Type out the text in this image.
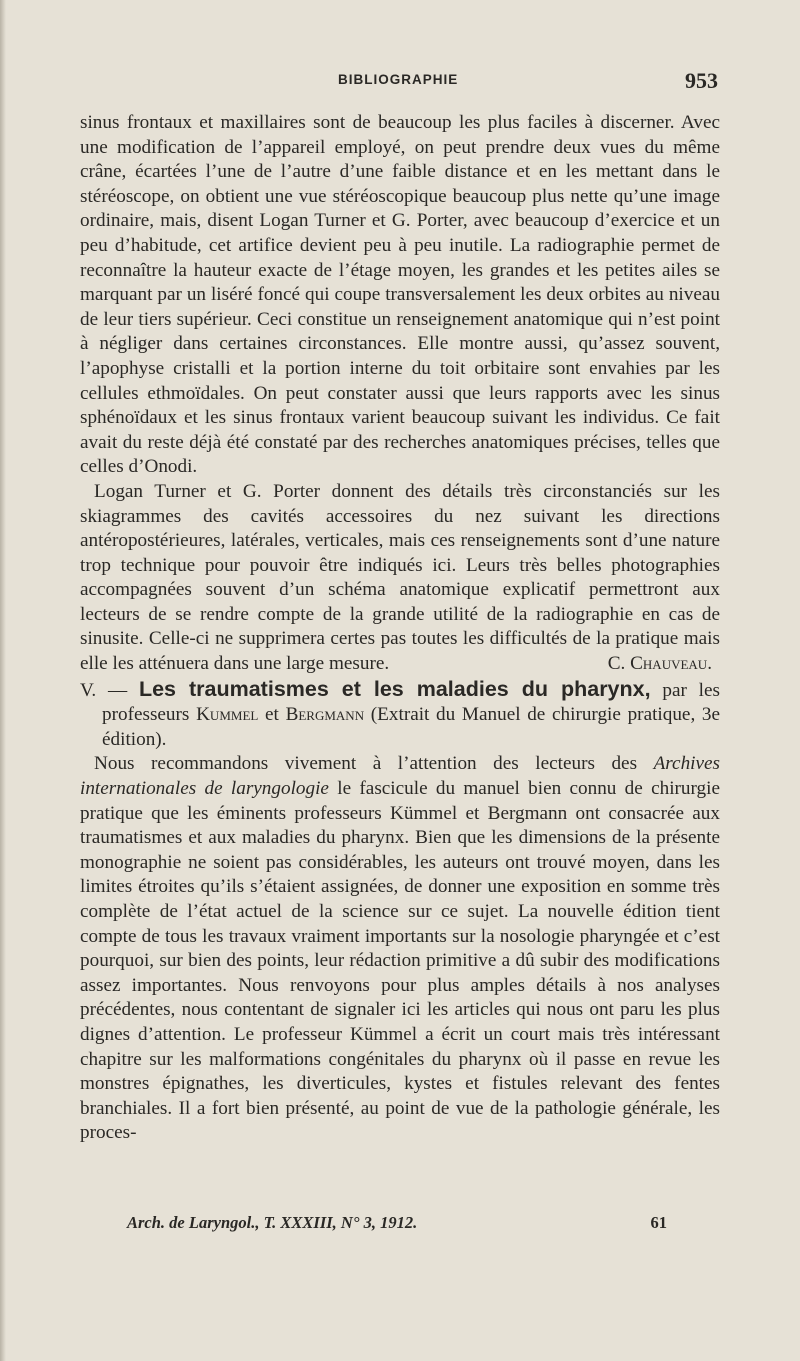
BIBLIOGRAPHIE	953

sinus frontaux et maxillaires sont de beaucoup les plus faciles à discerner. Avec une modification de l’appareil employé, on peut prendre deux vues du même crâne, écartées l’une de l’autre d’une faible distance et en les mettant dans le stéréoscope, on obtient une vue stéréoscopique beaucoup plus nette qu’une image ordinaire, mais, disent Logan Turner et G. Porter, avec beaucoup d’exercice et un peu d’habitude, cet artifice devient peu à peu inutile. La radiographie permet de reconnaître la hauteur exacte de l’étage moyen, les grandes et les petites ailes se marquant par un liséré foncé qui coupe transversalement les deux orbites au niveau de leur tiers supérieur. Ceci constitue un renseignement anatomique qui n’est point à négliger dans certaines circonstances. Elle montre aussi, qu’assez souvent, l’apophyse cristalli et la portion interne du toit orbitaire sont envahies par les cellules ethmoïdales. On peut constater aussi que leurs rapports avec les sinus sphénoïdaux et les sinus frontaux varient beaucoup suivant les individus. Ce fait avait du reste déjà été constaté par des recherches anatomiques précises, telles que celles d’Onodi.

Logan Turner et G. Porter donnent des détails très circonstanciés sur les skiagrammes des cavités accessoires du nez suivant les directions antéropostérieures, latérales, verticales, mais ces renseignements sont d’une nature trop technique pour pouvoir être indiqués ici. Leurs très belles photographies accompagnées souvent d’un schéma anatomique explicatif permettront aux lecteurs de se rendre compte de la grande utilité de la radiographie en cas de sinusite. Celle-ci ne supprimera certes pas toutes les difficultés de la pratique mais elle les atténuera dans une large mesure.	C. Chauveau.

V. — Les traumatismes et les maladies du pharynx, par les professeurs Kummel et Bergmann (Extrait du Manuel de chirurgie pratique, 3e édition).

Nous recommandons vivement à l’attention des lecteurs des Archives internationales de laryngologie le fascicule du manuel bien connu de chirurgie pratique que les éminents professeurs Kümmel et Bergmann ont consacrée aux traumatismes et aux maladies du pharynx. Bien que les dimensions de la présente monographie ne soient pas considérables, les auteurs ont trouvé moyen, dans les limites étroites qu’ils s’étaient assignées, de donner une exposition en somme très complète de l’état actuel de la science sur ce sujet. La nouvelle édition tient compte de tous les travaux vraiment importants sur la nosologie pharyngée et c’est pourquoi, sur bien des points, leur rédaction primitive a dû subir des modifications assez importantes. Nous renvoyons pour plus amples détails à nos analyses précédentes, nous contentant de signaler ici les articles qui nous ont paru les plus dignes d’attention. Le professeur Kümmel a écrit un court mais très intéressant chapitre sur les malformations congénitales du pharynx où il passe en revue les monstres épignathes, les diverticules, kystes et fistules relevant des fentes branchiales. Il a fort bien présenté, au point de vue de la pathologie générale, les proces-

Arch. de Laryngol., T. XXXIII, N° 3, 1912.	61
